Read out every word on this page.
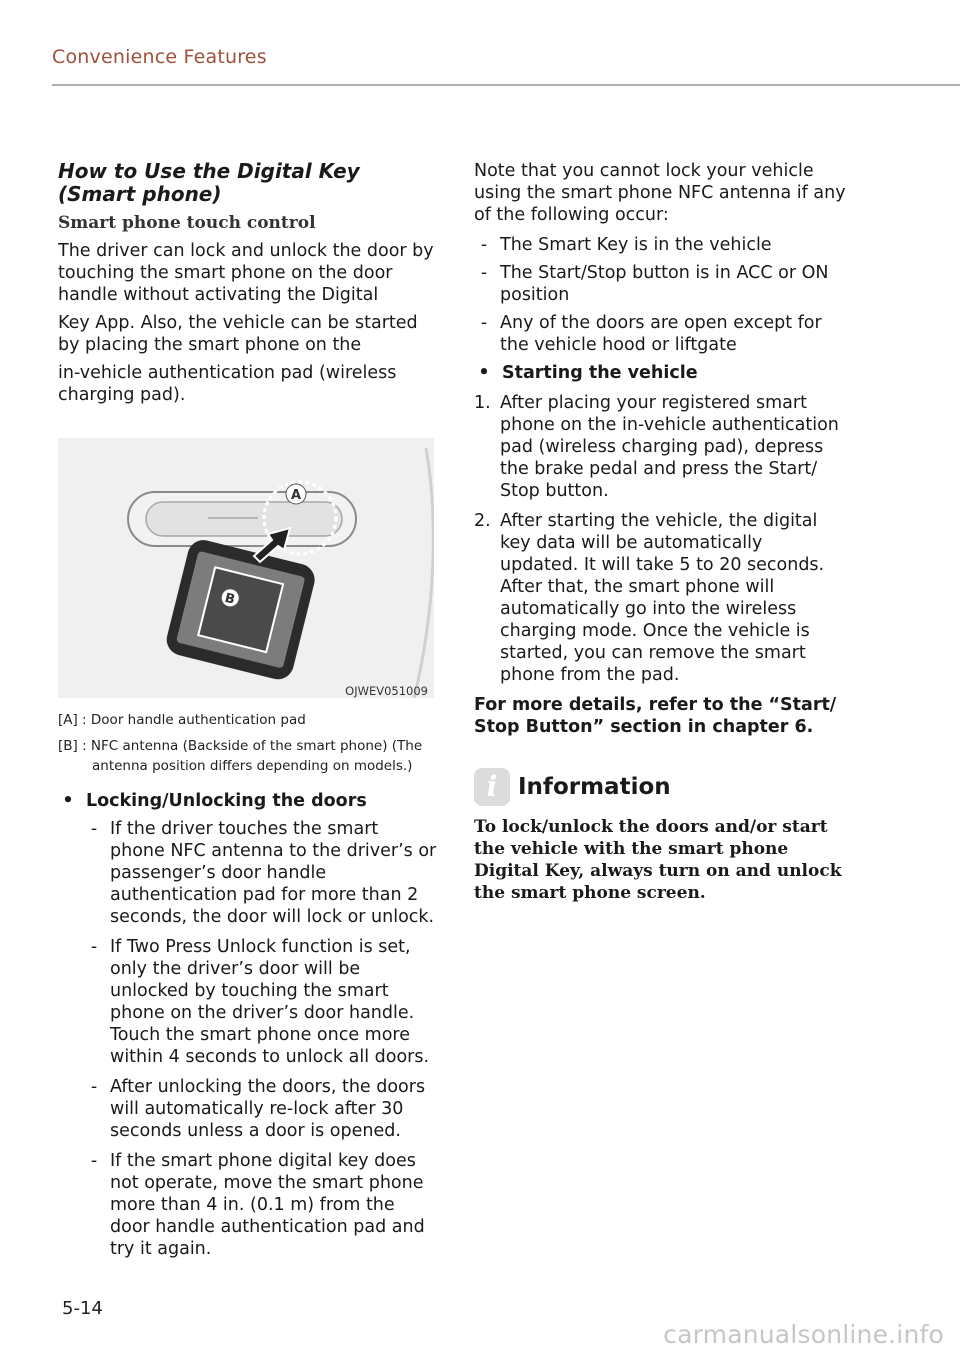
Convenience Features
How to Use the Digital Key (Smart phone)
Smart phone touch control

The driver can lock and unlock the door by touching the smart phone on the door handle without activating the Digital

Key App. Also, the vehicle can be started by placing the smart phone on the

in-vehicle authentication pad (wireless charging pad).

A
B
OJWEV051009

[A] : Door handle authentication pad

[B] : NFC antenna (Backside of the smart phone) (The antenna position differs depending on models.)

• Locking/Unlocking the doors
- If the driver touches the smart phone NFC antenna to the driver’s or passenger’s door handle authentication pad for more than 2 seconds, the door will lock or unlock.
- If Two Press Unlock function is set, only the driver’s door will be unlocked by touching the smart phone on the driver’s door handle. Touch the smart phone once more within 4 seconds to unlock all doors.
- After unlocking the doors, the doors will automatically re-lock after 30 seconds unless a door is opened.
- If the smart phone digital key does not operate, move the smart phone more than 4 in. (0.1 m) from the door handle authentication pad and try it again.

Note that you cannot lock your vehicle using the smart phone NFC antenna if any of the following occur:

- The Smart Key is in the vehicle
- The Start/Stop button is in ACC or ON position
- Any of the doors are open except for the vehicle hood or liftgate
• Starting the vehicle
1. After placing your registered smart phone on the in-vehicle authentication pad (wireless charging pad), depress the brake pedal and press the Start/ Stop button.
2. After starting the vehicle, the digital key data will be automatically updated. It will take 5 to 20 seconds. After that, the smart phone will automatically go into the wireless charging mode. Once the vehicle is started, you can remove the smart phone from the pad.

For more details, refer to the “Start/ Stop Button” section in chapter 6.

i Information
To lock/unlock the doors and/or start the vehicle with the smart phone Digital Key, always turn on and unlock the smart phone screen.
5-14
carmanualsonline.info
